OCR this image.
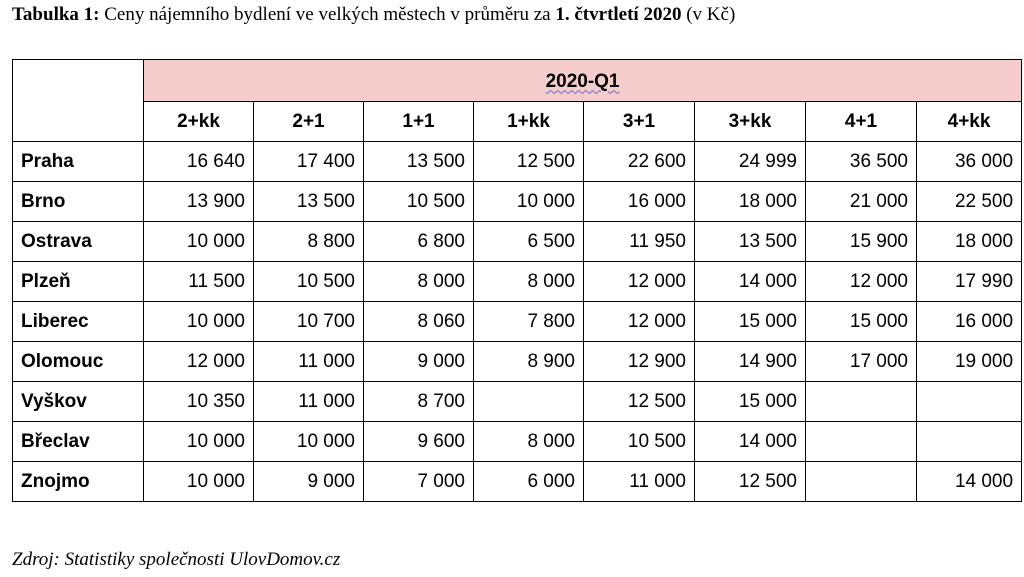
Tabulka 1: Ceny nájemního bydlení ve velkých městech v průměru za 1. čtvrtletí 2020 (v Kč)
	2020-Q1							
	2+kk	2+1	1+1	1+kk	3+1	3+kk	4+1	4+kk
Praha	16 640	17 400	13 500	12 500	22 600	24 999	36 500	36 000
Brno	13 900	13 500	10 500	10 000	16 000	18 000	21 000	22 500
Ostrava	10 000	8 800	6 800	6 500	11 950	13 500	15 900	18 000
Plzeň	11 500	10 500	8 000	8 000	12 000	14 000	12 000	17 990
Liberec	10 000	10 700	8 060	7 800	12 000	15 000	15 000	16 000
Olomouc	12 000	11 000	9 000	8 900	12 900	14 900	17 000	19 000
Vyškov	10 350	11 000	8 700		12 500	15 000		
Břeclav	10 000	10 000	9 600	8 000	10 500	14 000		
Znojmo	10 000	9 000	7 000	6 000	11 000	12 500		14 000
Zdroj: Statistiky společnosti UlovDomov.cz
